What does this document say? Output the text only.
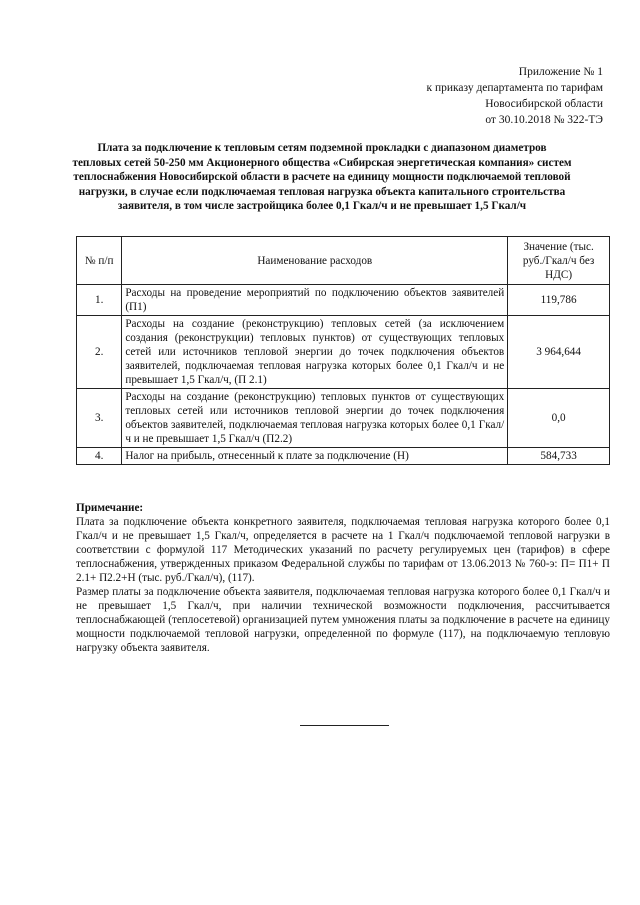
Приложение № 1
к приказу департамента по тарифам
Новосибирской области
от 30.10.2018 № 322-ТЭ
Плата за подключение к тепловым сетям подземной прокладки с диапазоном диаметров тепловых сетей 50-250 мм Акционерного общества «Сибирская энергетическая компания» систем теплоснабжения Новосибирской области в расчете на единицу мощности подключаемой тепловой нагрузки, в случае если подключаемая тепловая нагрузка объекта капитального строительства заявителя, в том числе застройщика более 0,1 Гкал/ч и не превышает 1,5 Гкал/ч
№ п/п	Наименование расходов	Значение (тыс. руб./Гкал/ч без НДС)
1.	Расходы на проведение мероприятий по подключению объектов заявителей (П1)	119,786
2.	Расходы на создание (реконструкцию) тепловых сетей (за исключением создания (реконструкции) тепловых пунктов) от существующих тепловых сетей или источников тепловой энергии до точек подключения объектов заявителей, подключаемая тепловая нагрузка которых более 0,1 Гкал/ч и не превышает 1,5 Гкал/ч, (П 2.1)	3 964,644
3.	Расходы на создание (реконструкцию) тепловых пунктов от существующих тепловых сетей или источников тепловой энергии до точек подключения объектов заявителей, подключаемая тепловая нагрузка которых более 0,1 Гкал/ч и не превышает 1,5 Гкал/ч (П2.2)	0,0
4.	Налог на прибыль, отнесенный к плате за подключение (Н)	584,733
Примечание:

Плата за подключение объекта конкретного заявителя, подключаемая тепловая нагрузка которого более 0,1 Гкал/ч и не превышает 1,5 Гкал/ч, определяется в расчете на 1 Гкал/ч подключаемой тепловой нагрузки в соответствии с формулой 117 Методических указаний по расчету регулируемых цен (тарифов) в сфере теплоснабжения, утвержденных приказом Федеральной службы по тарифам от 13.06.2013 № 760-э: П= П1+ П 2.1+ П2.2+Н (тыс. руб./Гкал/ч), (117).

Размер платы за подключение объекта заявителя, подключаемая тепловая нагрузка которого более 0,1 Гкал/ч и не превышает 1,5 Гкал/ч, при наличии технической возможности подключения, рассчитывается теплоснабжающей (теплосетевой) организацией путем умножения платы за подключение в расчете на единицу мощности подключаемой тепловой нагрузки, определенной по формуле (117), на подключаемую тепловую нагрузку объекта заявителя.
